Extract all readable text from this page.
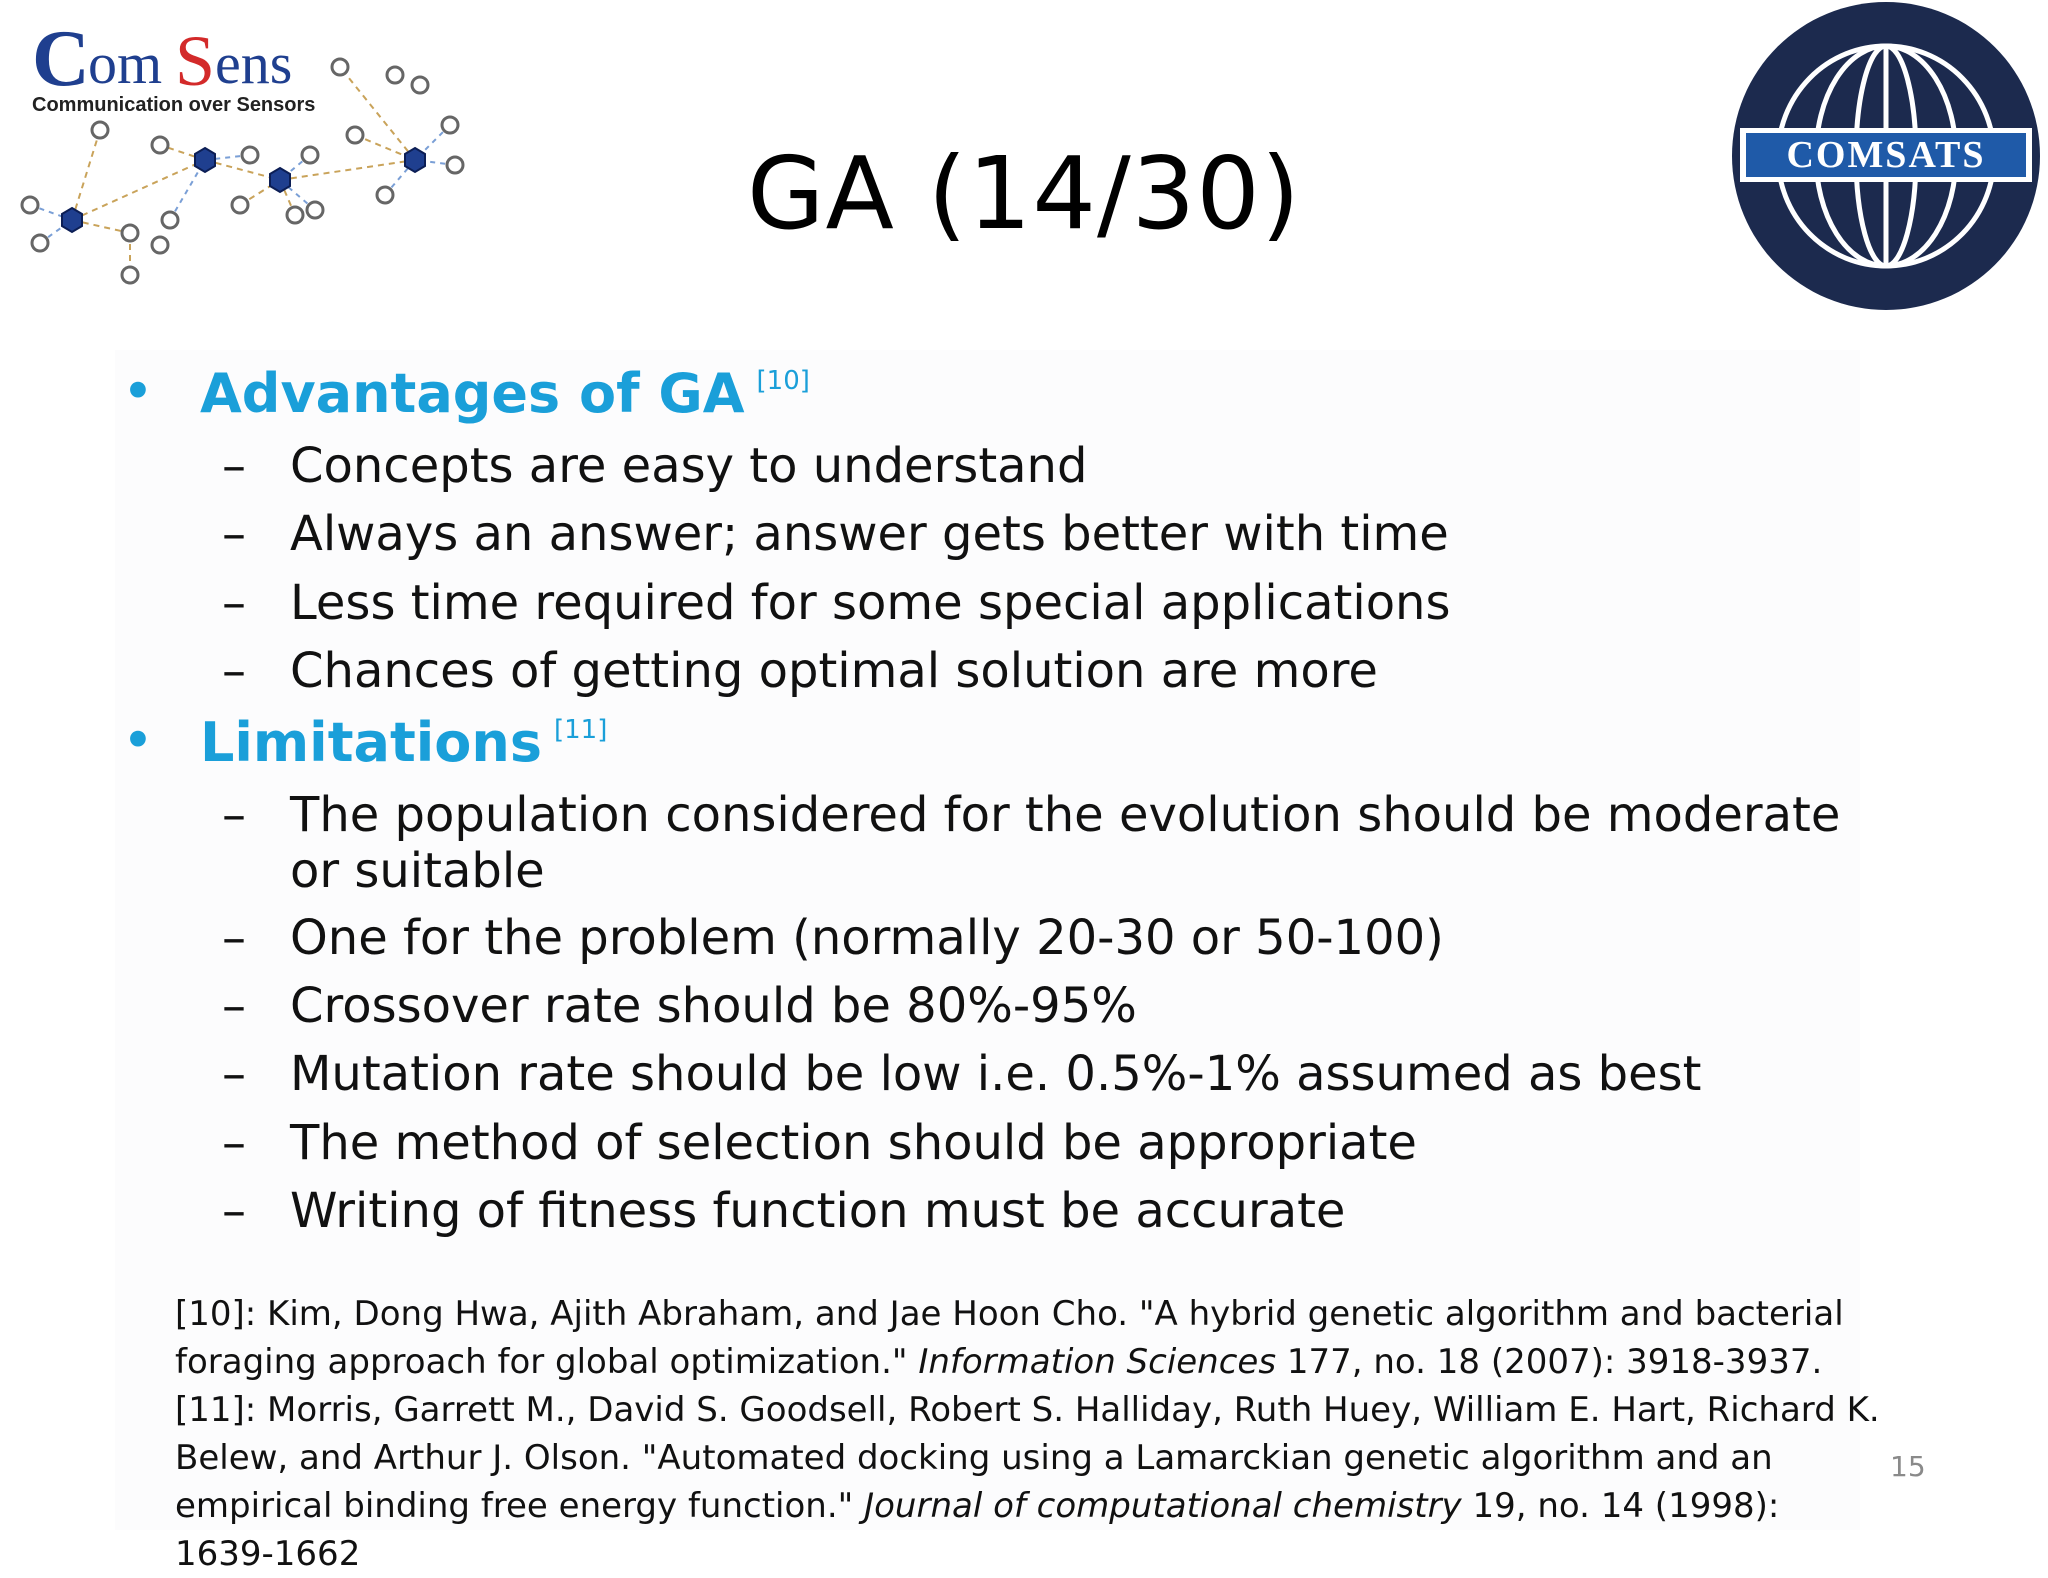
C
om S ens
Communication over Sensors
COMSATS
GA (14/30)
• Advantages of GA [10]
– Concepts are easy to understand
– Always an answer; answer gets better with time
– Less time required for some special applications
– Chances of getting optimal solution are more
• Limitations [11]
– The population considered for the evolution should be moderate or suitable
– One for the problem (normally 20-30 or 50-100)
– Crossover rate should be 80%-95%
– Mutation rate should be low i.e. 0.5%-1% assumed as best
– The method of selection should be appropriate
– Writing of fitness function must be accurate

[10]: Kim, Dong Hwa, Ajith Abraham, and Jae Hoon Cho. "A hybrid genetic algorithm and bacterial foraging approach for global optimization." Information Sciences 177, no. 18 (2007): 3918-3937.

[11]: Morris, Garrett M., David S. Goodsell, Robert S. Halliday, Ruth Huey, William E. Hart, Richard K. Belew, and Arthur J. Olson. "Automated docking using a Lamarckian genetic algorithm and an empirical binding free energy function." Journal of computational chemistry 19, no. 14 (1998): 1639-1662

15
